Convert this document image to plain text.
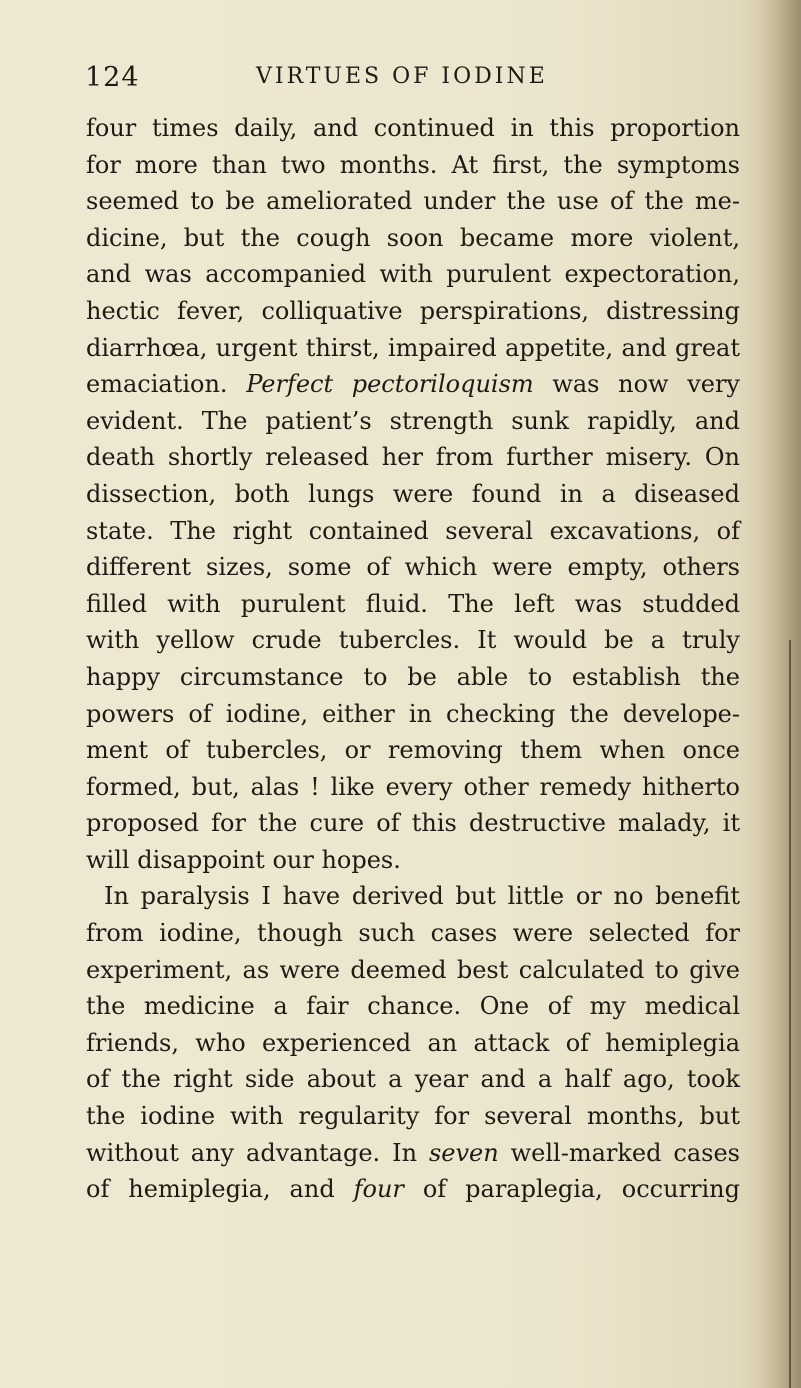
124	VIRTUES OF IODINE
four times daily, and continued in this proportion
for more than two months. At first, the symptoms
seemed to be ameliorated under the use of the me-
dicine, but the cough soon became more violent,
and was accompanied with purulent expectoration,
hectic fever, colliquative perspirations, distressing
diarrhœa, urgent thirst, impaired appetite, and great
emaciation. Perfect pectoriloquism was now very
evident. The patient’s strength sunk rapidly, and
death shortly released her from further misery. On
dissection, both lungs were found in a diseased
state. The right contained several excavations, of
different sizes, some of which were empty, others
filled with purulent fluid. The left was studded
with yellow crude tubercles. It would be a truly
happy circumstance to be able to establish the
powers of iodine, either in checking the develope-
ment of tubercles, or removing them when once
formed, but, alas ! like every other remedy hitherto
proposed for the cure of this destructive malady, it
will disappoint our hopes.
In paralysis I have derived but little or no benefit
from iodine, though such cases were selected for
experiment, as were deemed best calculated to give
the medicine a fair chance. One of my medical
friends, who experienced an attack of hemiplegia
of the right side about a year and a half ago, took
the iodine with regularity for several months, but
without any advantage. In seven well-marked cases
of hemiplegia, and four of paraplegia, occurring
